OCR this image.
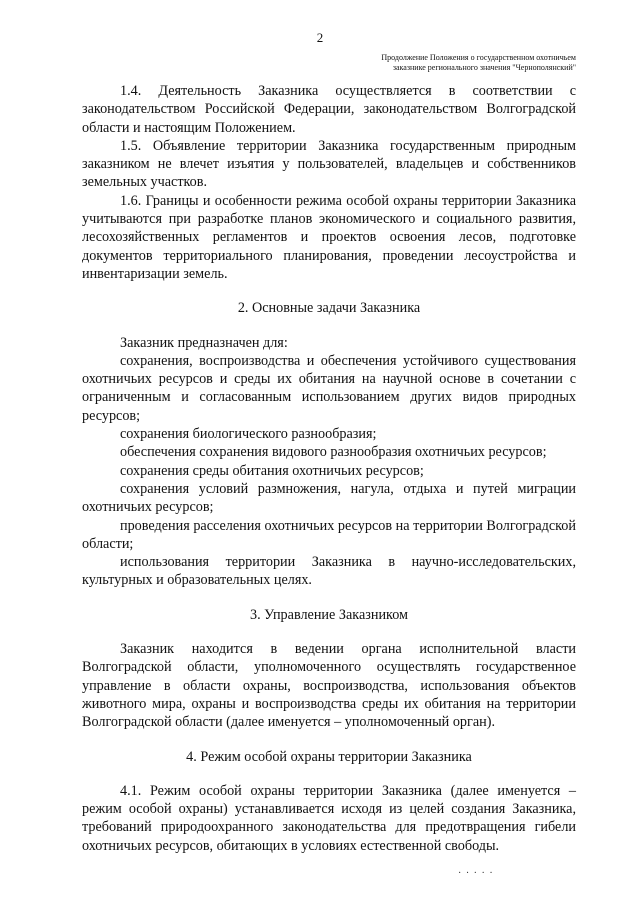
2
Продолжение Положения о государственном охотничьем
заказнике регионального значения "Чернополянский"

1.4. Деятельность Заказника осуществляется в соответствии с законодательством Российской Федерации, законодательством Волгоградской области и настоящим Положением.

1.5. Объявление территории Заказника государственным природным заказником не влечет изъятия у пользователей, владельцев и собственников земельных участков.

1.6. Границы и особенности режима особой охраны территории Заказника учитываются при разработке планов экономического и социального развития, лесохозяйственных регламентов и проектов освоения лесов, подготовке документов территориального планирования, проведении лесоустройства и инвентаризации земель.

2. Основные задачи Заказника

Заказник предназначен для:

сохранения, воспроизводства и обеспечения устойчивого существования охотничьих ресурсов и среды их обитания на научной основе в сочетании с ограниченным и согласованным использованием других видов природных ресурсов;

сохранения биологического разнообразия;

обеспечения сохранения видового разнообразия охотничьих ресурсов;

сохранения среды обитания охотничьих ресурсов;

сохранения условий размножения, нагула, отдыха и путей миграции охотничьих ресурсов;

проведения расселения охотничьих ресурсов на территории Волгоградской области;

использования территории Заказника в научно-исследовательских, культурных и образовательных целях.

3. Управление Заказником

Заказник находится в ведении органа исполнительной власти Волгоградской области, уполномоченного осуществлять государственное управление в области охраны, воспроизводства, использования объектов животного мира, охраны и воспроизводства среды их обитания на территории Волгоградской области (далее именуется – уполномоченный орган).

4. Режим особой охраны территории Заказника

4.1. Режим особой охраны территории Заказника (далее именуется – режим особой охраны) устанавливается исходя из целей создания Заказника, требований природоохранного законодательства для предотвращения гибели охотничьих ресурсов, обитающих в условиях естественной свободы.

· · · · ·
